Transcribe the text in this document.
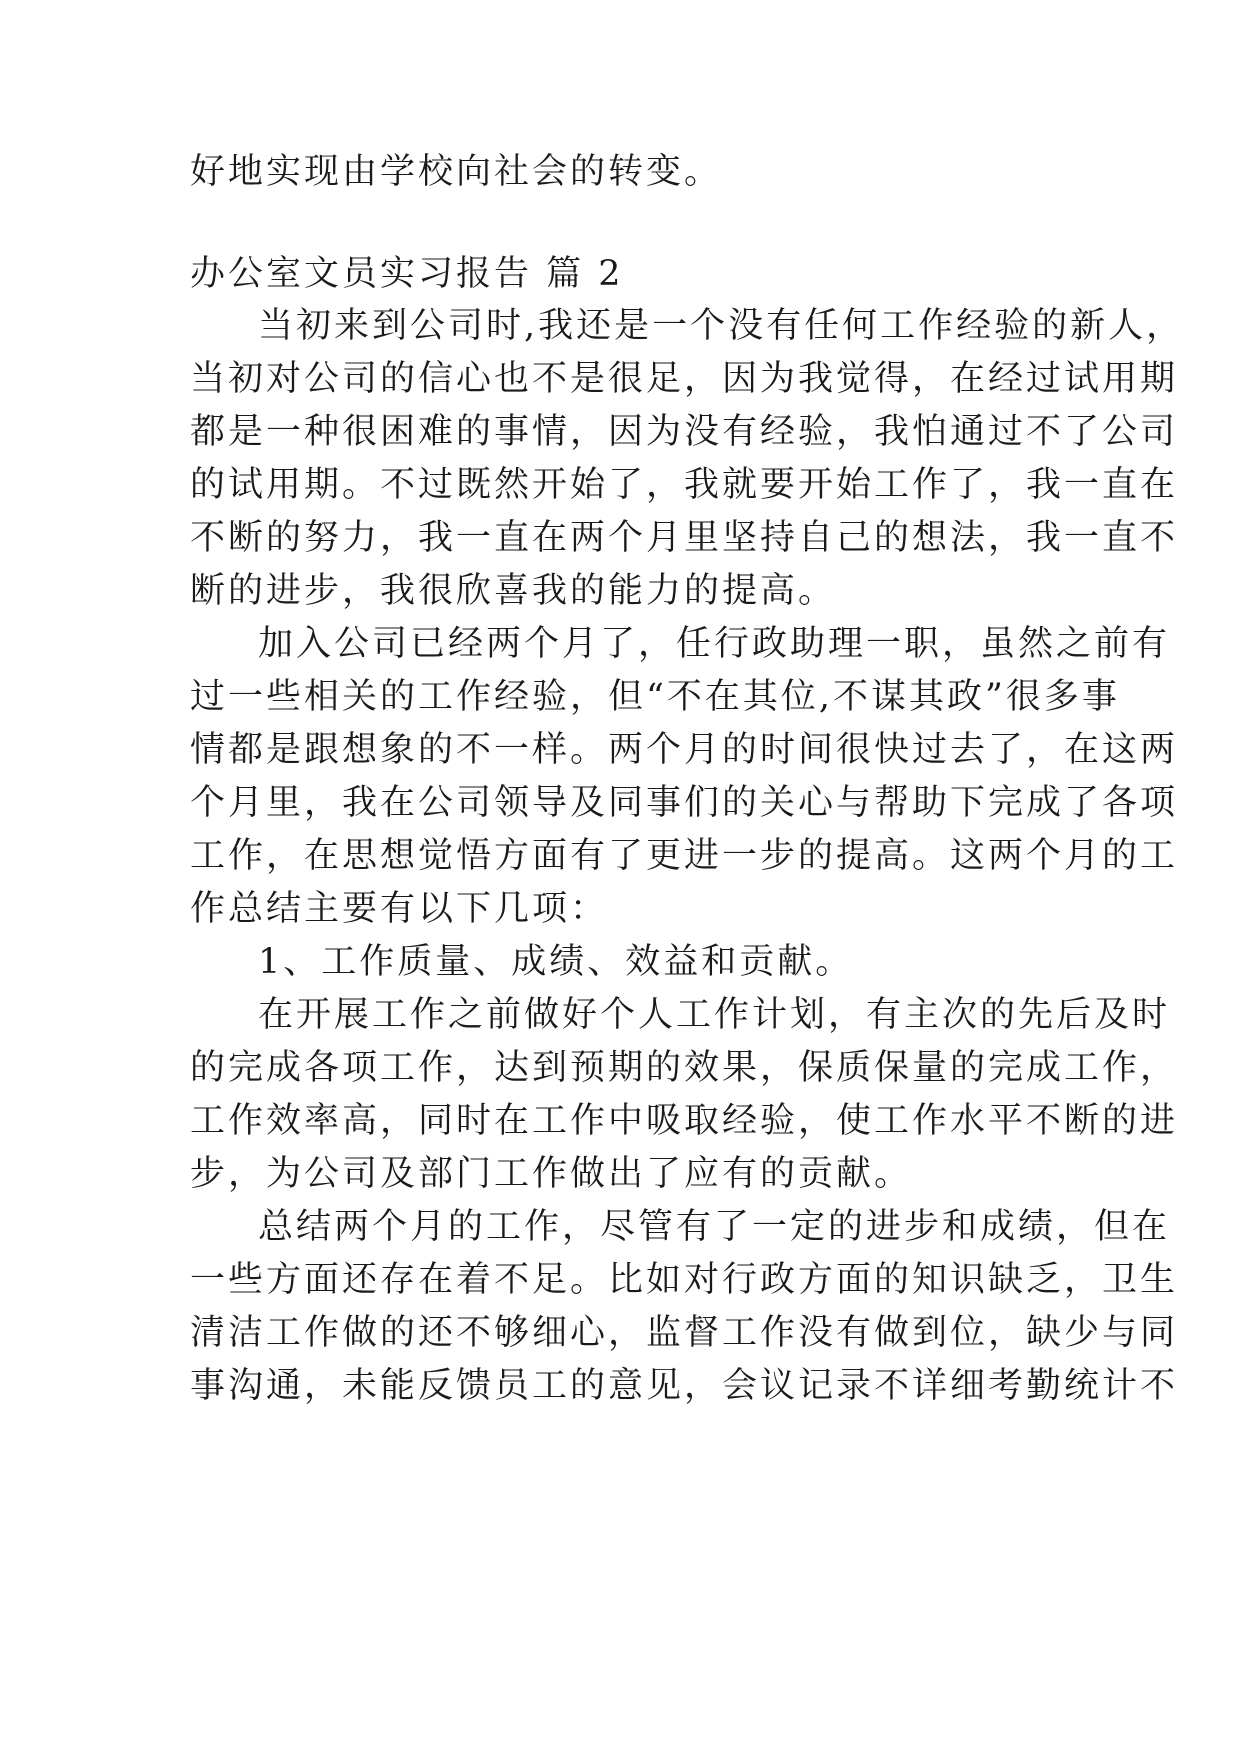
好地实现由学校向社会的转变。
办公室文员实习报告 篇 2
当初来到公司时,我还是一个没有任何工作经验的新人，
当初对公司的信心也不是很足，因为我觉得，在经过试用期
都是一种很困难的事情，因为没有经验，我怕通过不了公司
的试用期。不过既然开始了，我就要开始工作了，我一直在
不断的努力，我一直在两个月里坚持自己的想法，我一直不
断的进步，我很欣喜我的能力的提高。
加入公司已经两个月了，任行政助理一职，虽然之前有
过一些相关的工作经验，但“不在其位,不谋其政”很多事
情都是跟想象的不一样。两个月的时间很快过去了，在这两
个月里，我在公司领导及同事们的关心与帮助下完成了各项
工作，在思想觉悟方面有了更进一步的提高。这两个月的工
作总结主要有以下几项：
1、工作质量、成绩、效益和贡献。
在开展工作之前做好个人工作计划，有主次的先后及时
的完成各项工作，达到预期的效果，保质保量的完成工作，
工作效率高，同时在工作中吸取经验，使工作水平不断的进
步，为公司及部门工作做出了应有的贡献。
总结两个月的工作，尽管有了一定的进步和成绩，但在
一些方面还存在着不足。比如对行政方面的知识缺乏，卫生
清洁工作做的还不够细心，监督工作没有做到位，缺少与同
事沟通，未能反馈员工的意见，会议记录不详细考勤统计不
